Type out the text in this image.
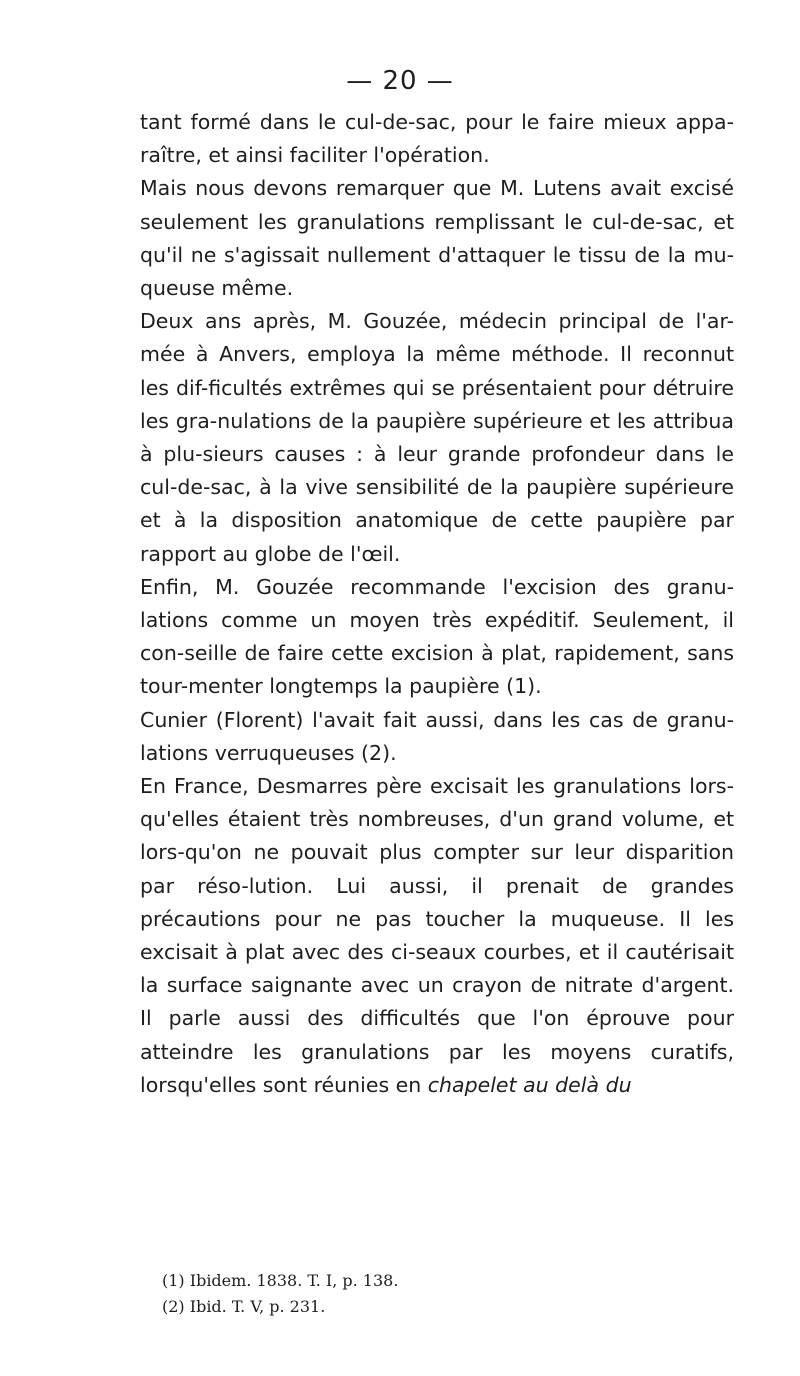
— 20 —

tant formé dans le cul-de-sac, pour le faire mieux appa-raître, et ainsi faciliter l'opération.

Mais nous devons remarquer que M. Lutens avait excisé seulement les granulations remplissant le cul-de-sac, et qu'il ne s'agissait nullement d'attaquer le tissu de la mu-queuse même.

Deux ans après, M. Gouzée, médecin principal de l'ar-mée à Anvers, employa la même méthode. Il reconnut les dif-ficultés extrêmes qui se présentaient pour détruire les gra-nulations de la paupière supérieure et les attribua à plu-sieurs causes : à leur grande profondeur dans le cul-de-sac, à la vive sensibilité de la paupière supérieure et à la disposition anatomique de cette paupière par rapport au globe de l'œil.

Enfin, M. Gouzée recommande l'excision des granu-lations comme un moyen très expéditif. Seulement, il con-seille de faire cette excision à plat, rapidement, sans tour-menter longtemps la paupière (1).

Cunier (Florent) l'avait fait aussi, dans les cas de granu-lations verruqueuses (2).

En France, Desmarres père excisait les granulations lors-qu'elles étaient très nombreuses, d'un grand volume, et lors-qu'on ne pouvait plus compter sur leur disparition par réso-lution. Lui aussi, il prenait de grandes précautions pour ne pas toucher la muqueuse. Il les excisait à plat avec des ci-seaux courbes, et il cautérisait la surface saignante avec un crayon de nitrate d'argent. Il parle aussi des difficultés que l'on éprouve pour atteindre les granulations par les moyens curatifs, lorsqu'elles sont réunies en chapelet au delà du

(1) Ibidem. 1838. T. I, p. 138.
(2) Ibid. T. V, p. 231.
